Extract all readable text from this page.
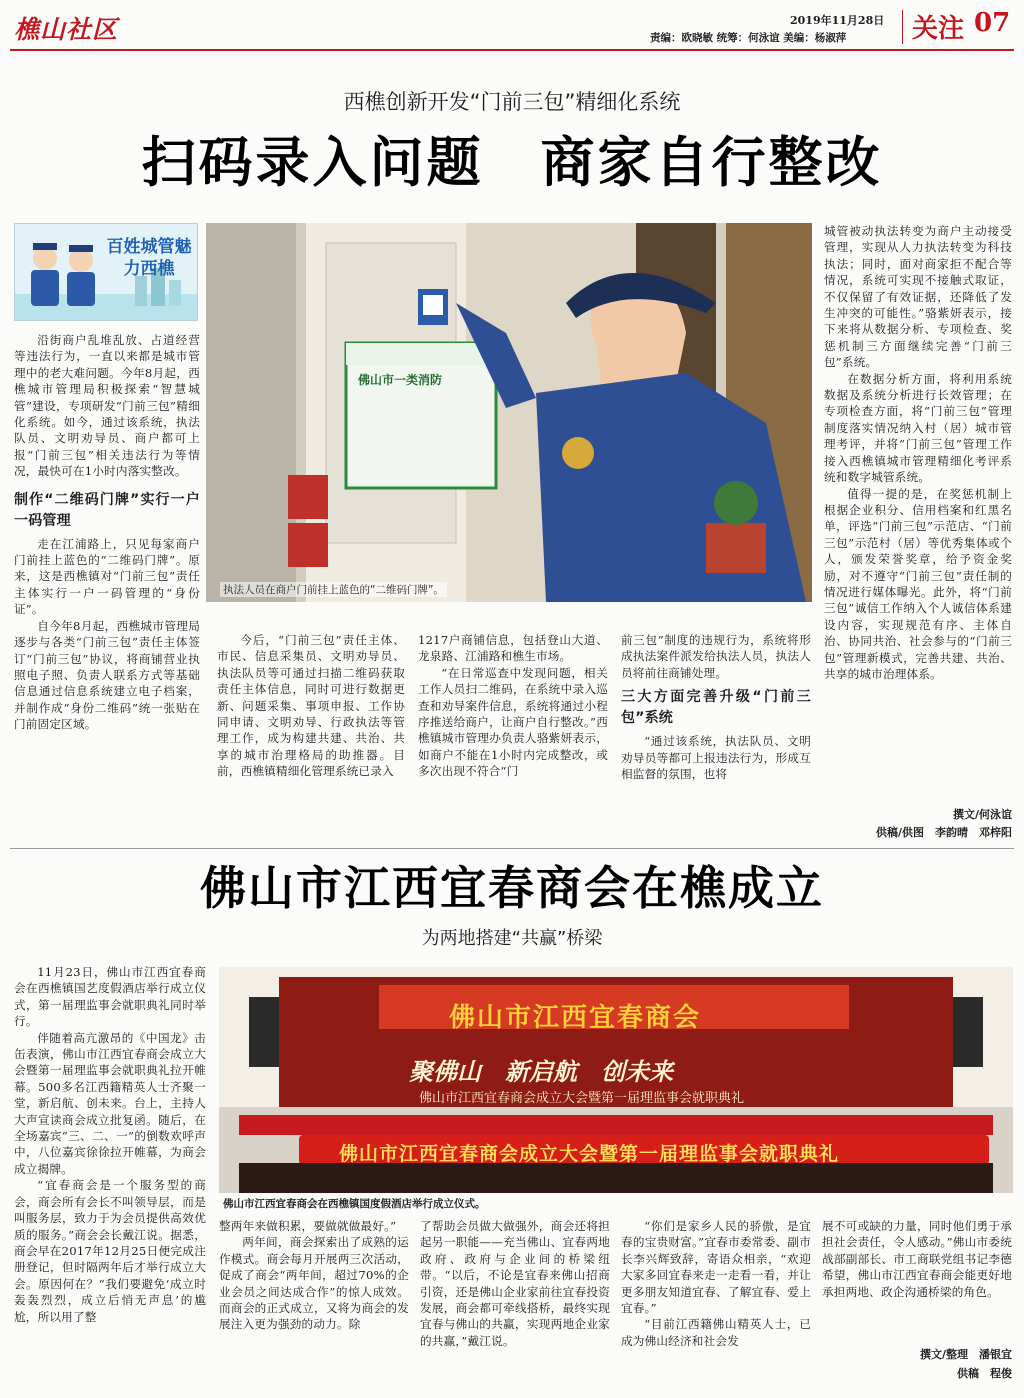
樵山社区	2019年11月28日
责编：欧晓敏 统筹：何泳谊 美编：杨淑萍	关注 07
西樵创新开发“门前三包”精细化系统
扫码录入问题　商家自行整改
百姓城管魅力西樵
佛山市一类消防
执法人员在商户门前挂上蓝色的“二维码门牌”。

沿街商户乱堆乱放、占道经营等违法行为，一直以来都是城市管理中的老大难问题。今年8月起，西樵城市管理局积极探索“智慧城管”建设，专项研发“门前三包”精细化系统。如今，通过该系统，执法队员、文明劝导员、商户都可上报“门前三包”相关违法行为等情况，最快可在1小时内落实整改。

制作“二维码门牌”实行一户一码管理

走在江浦路上，只见每家商户门前挂上蓝色的“二维码门牌”。原来，这是西樵镇对“门前三包”责任主体实行一户一码管理的“身份证”。

自今年8月起，西樵城市管理局逐步与各类“门前三包”责任主体签订“门前三包”协议，将商铺营业执照电子照、负责人联系方式等基础信息通过信息系统建立电子档案，并制作成“身份二维码”统一张贴在门前固定区域。

今后，“门前三包”责任主体、市民、信息采集员、文明劝导员、执法队员等可通过扫描二维码获取责任主体信息，同时可进行数据更新、问题采集、事项申报、工作协同申请、文明劝导、行政执法等管理工作，成为构建共建、共治、共享的城市治理格局的助推器。目前，西樵镇精细化管理系统已录入

1217户商铺信息，包括登山大道、龙泉路、江浦路和樵生市场。

“在日常巡查中发现问题，相关工作人员扫二维码，在系统中录入巡查和劝导案件信息，系统将通过小程序推送给商户，让商户自行整改。”西樵镇城市管理办负责人骆紫妍表示，如商户不能在1小时内完成整改，或多次出现不符合“门

前三包”制度的违规行为，系统将形成执法案件派发给执法人员，执法人员将前往商铺处理。

三大方面完善升级“门前三包”系统

“通过该系统，执法队员、文明劝导员等都可上报违法行为，形成互相监督的氛围，也将

城管被动执法转变为商户主动接受管理，实现从人力执法转变为科技执法；同时，面对商家拒不配合等情况，系统可实现不接触式取证，不仅保留了有效证据，还降低了发生冲突的可能性。”骆紫妍表示，接下来将从数据分析、专项检查、奖惩机制三方面继续完善“门前三包”系统。

在数据分析方面，将利用系统数据及系统分析进行长效管理；在专项检查方面，将“门前三包”管理制度落实情况纳入村（居）城市管理考评，并将“门前三包”管理工作接入西樵镇城市管理精细化考评系统和数字城管系统。

值得一提的是，在奖惩机制上根据企业积分、信用档案和红黑名单，评选“门前三包”示范店、“门前三包”示范村（居）等优秀集体或个人，颁发荣誉奖章，给予资金奖励，对不遵守“门前三包”责任制的情况进行媒体曝光。此外，将“门前三包”诚信工作纳入个人诚信体系建设内容，实现规范有序、主体自治、协同共治、社会参与的“门前三包”管理新模式，完善共建、共治、共享的城市治理体系。

撰文/何泳谊
供稿/供图　李韵晴　邓梓阳
佛山市江西宜春商会在樵成立
为两地搭建“共赢”桥梁
佛山市江西宜春商会
聚佛山　新启航　创未来
佛山市江西宜春商会成立大会暨第一届理监事会就职典礼
佛山市江西宜春商会成立大会暨第一届理监事会就职典礼
佛山市江西宜春商会在西樵镇国度假酒店举行成立仪式。

11月23日，佛山市江西宜春商会在西樵镇国艺度假酒店举行成立仪式，第一届理监事会就职典礼同时举行。

伴随着高亢激昂的《中国龙》击缶表演，佛山市江西宜春商会成立大会暨第一届理监事会就职典礼拉开帷幕。500多名江西籍精英人士齐聚一堂，新启航、创未来。台上，主持人大声宣读商会成立批复函。随后，在全场嘉宾“三、二、一”的倒数欢呼声中，八位嘉宾徐徐拉开帷幕，为商会成立揭牌。

“宜春商会是一个服务型的商会，商会所有会长不叫领导层，而是叫服务层，致力于为会员提供高效优质的服务。”商会会长戴江说。据悉，商会早在2017年12月25日便完成注册登记，但时隔两年后才举行成立大会。原因何在？“我们要避免‘成立时轰轰烈烈，成立后悄无声息’的尴尬，所以用了整

整两年来做积累，要做就做最好。”

两年间，商会探索出了成熟的运作模式。商会每月开展两三次活动，促成了商会“两年间，超过70%的企业会员之间达成合作”的惊人成效。而商会的正式成立，又将为商会的发展注入更为强劲的动力。除

了帮助会员做大做强外，商会还将担起另一职能——充当佛山、宜春两地政府、政府与企业间的桥梁纽带。“以后，不论是宜春来佛山招商引资，还是佛山企业家前往宜春投资发展，商会都可牵线搭桥，最终实现宜春与佛山的共赢，实现两地企业家的共赢，”戴江说。

“你们是家乡人民的骄傲，是宜春的宝贵财富。”宜春市委常委、副市长李兴辉致辞，寄语众相亲，“欢迎大家多回宜春来走一走看一看，并让更多朋友知道宜春、了解宜春、爱上宜春。”

“目前江西籍佛山精英人士，已成为佛山经济和社会发

展不可或缺的力量，同时他们勇于承担社会责任，令人感动。”佛山市委统战部副部长、市工商联党组书记李德希望，佛山市江西宜春商会能更好地承担两地、政企沟通桥梁的角色。

撰文/整理　潘银宜
供稿　程俊
